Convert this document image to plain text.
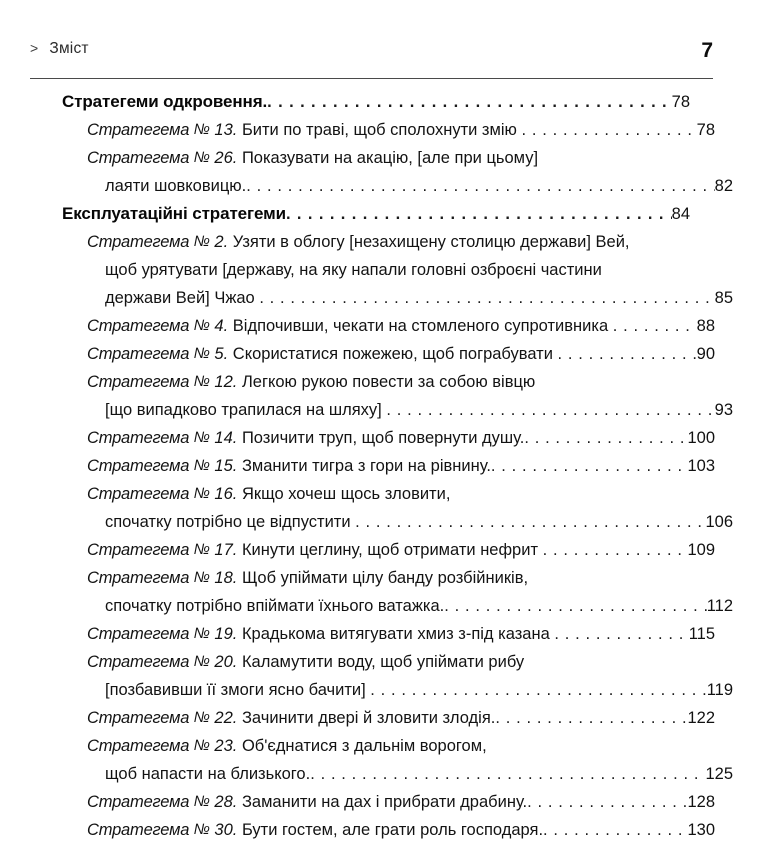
> Зміст	7
Стратегеми одкровення. . . .	78
Стратегема № 13. Бити по траві, щоб сполохнути змію . . .	78
Стратегема № 26. Показувати на акацію, [але при цьому]
лаяти шовковицю. . . .	82
Експлуатаційні стратегеми . . .	84
Стратегема № 2. Узяти в облогу [незахищену столицю держави] Вей,
щоб урятувати [державу, на яку напали головні озброєні частини
держави Вей] Чжао . . .	85
Стратегема № 4. Відпочивши, чекати на стомленого супротивника . . .	88
Стратегема № 5. Скористатися пожежею, щоб пограбувати . . .	90
Стратегема № 12. Легкою рукою повести за собою вівцю
[що випадково трапилася на шляху] . . .	93
Стратегема № 14. Позичити труп, щоб повернути душу. . . .	100
Стратегема № 15. Зманити тигра з гори на рівнину. . . .	103
Стратегема № 16. Якщо хочеш щось зловити,
спочатку потрібно це відпустити . . .	106
Стратегема № 17. Кинути цеглину, щоб отримати нефрит . . .	109
Стратегема № 18. Щоб упіймати цілу банду розбійників,
спочатку потрібно впіймати їхнього ватажка. . . .	112
Стратегема № 19. Крадькома витягувати хмиз з-під казана . . .	115
Стратегема № 20. Каламутити воду, щоб упіймати рибу
[позбавивши її змоги ясно бачити] . . .	119
Стратегема № 22. Зачинити двері й зловити злодія. . . .	122
Стратегема № 23. Об'єднатися з дальнім ворогом,
щоб напасти на близького. . . .	125
Стратегема № 28. Заманити на дах і прибрати драбину. . . .	128
Стратегема № 30. Бути гостем, але грати роль господаря. . . .	130
